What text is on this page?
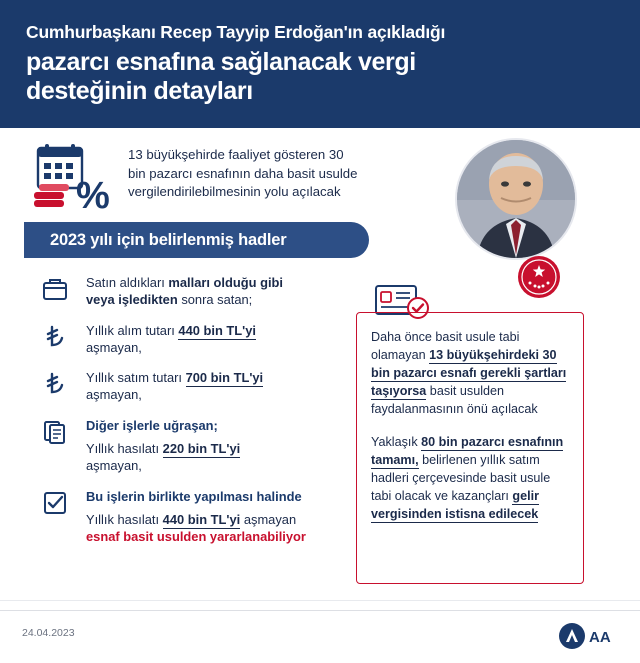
Cumhurbaşkanı Recep Tayyip Erdoğan'ın açıkladığı
pazarcı esnafına sağlanacak vergi
desteğinin detayları
%
13 büyükşehirde faaliyet gösteren 30 bin pazarcı esnafının daha basit usulde vergilendirilebilmesinin yolu açılacak
2023 yılı için belirlenmiş hadler
Satın aldıkları malları olduğu gibi
veya işledikten sonra satan;
Yıllık alım tutarı 440 bin TL'yi
aşmayan,
Yıllık satım tutarı 700 bin TL'yi
aşmayan,
Diğer işlerle uğraşan;
Yıllık hasılatı 220 bin TL'yi
aşmayan,
Bu işlerin birlikte yapılması halinde
Yıllık hasılatı 440 bin TL'yi aşmayan
esnaf basit usulden yararlanabiliyor

Daha önce basit usule tabi olamayan 13 büyükşehirdeki 30 bin pazarcı esnafı gerekli şartları taşıyorsa basit usulden faydalanmasının önü açılacak

Yaklaşık 80 bin pazarcı esnafının tamamı, belirlenen yıllık satım hadleri çerçevesinde basit usule tabi olacak ve kazançları gelir vergisinden istisna edilecek

24.04.2023	AA
